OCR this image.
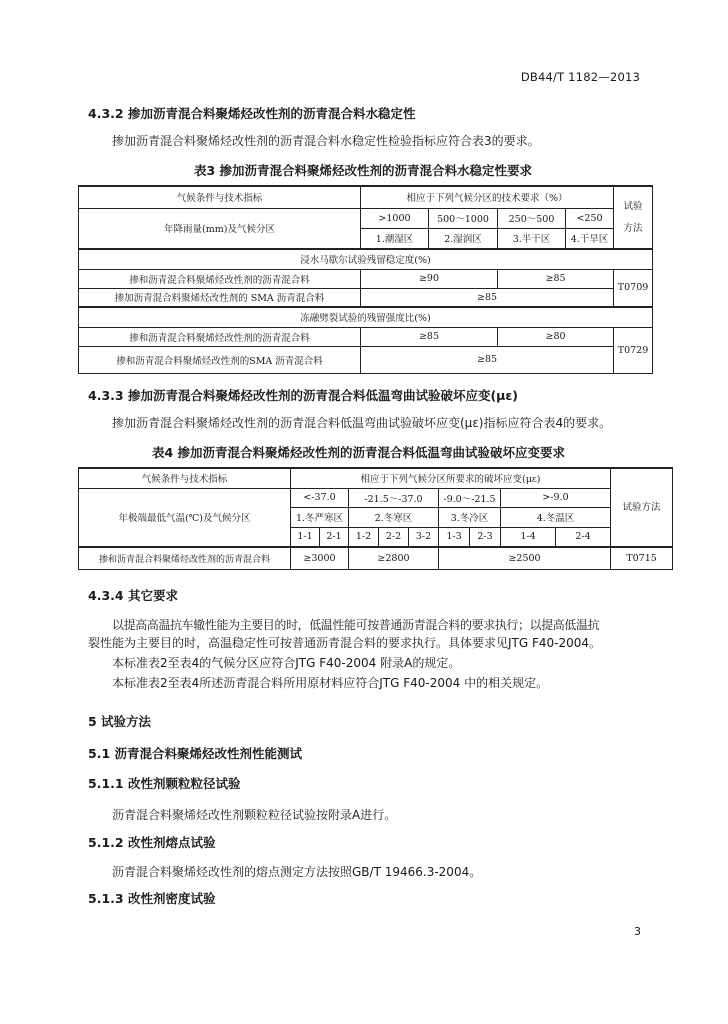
DB44/T 1182—2013
4.3.2 掺加沥青混合料聚烯烃改性剂的沥青混合料水稳定性
掺加沥青混合料聚烯烃改性剂的沥青混合料水稳定性检验指标应符合表3的要求。
表3 掺加沥青混合料聚烯烃改性剂的沥青混合料水稳定性要求
气候条件与技术指标	相应于下列气候分区的技术要求（%）				试验方法
年降雨量(mm)及气候分区	>1000	500～1000	250～500	<250	
	1.潮湿区	2.湿润区	3.半干区	4.干旱区	
浸水马歇尔试验残留稳定度(%)					
掺和沥青混合料聚烯烃改性剂的沥青混合料	≥90		≥85		T0709
掺加沥青混合料聚烯烃改性剂的 SMA 沥青混合料	≥85				
冻融劈裂试验的残留强度比(%)					
掺和沥青混合料聚烯烃改性剂的沥青混合料	≥85		≥80		T0729
掺和沥青混合料聚烯烃改性剂的SMA 沥青混合料	≥85				
4.3.3 掺加沥青混合料聚烯烃改性剂的沥青混合料低温弯曲试验破坏应变(με)
掺加沥青混合料聚烯烃改性剂的沥青混合料低温弯曲试验破坏应变(με)指标应符合表4的要求。
表4 掺加沥青混合料聚烯烃改性剂的沥青混合料低温弯曲试验破坏应变要求
气候条件与技术指标	相应于下列气候分区所要求的破坏应变(με)									试验方法
年极端最低气温(℃)及气候分区	<-37.0		-21.5～-37.0			-9.0～-21.5		>-9.0		
	1.冬严寒区		2.冬寒区			3.冬冷区		4.冬温区		
	1-1	2-1	1-2	2-2	3-2	1-3	2-3	1-4	2-4	
掺和沥青混合料聚烯烃改性剂的沥青混合料	≥3000		≥2800			≥2500				T0715
4.3.4 其它要求
以提高高温抗车辙性能为主要目的时，低温性能可按普通沥青混合料的要求执行；以提高低温抗
裂性能为主要目的时，高温稳定性可按普通沥青混合料的要求执行。具体要求见JTG F40-2004。
本标准表2至表4的气候分区应符合JTG F40-2004 附录A的规定。
本标准表2至表4所述沥青混合料所用原材料应符合JTG F40-2004 中的相关规定。
5 试验方法
5.1 沥青混合料聚烯烃改性剂性能测试
5.1.1 改性剂颗粒粒径试验
沥青混合料聚烯烃改性剂颗粒粒径试验按附录A进行。
5.1.2 改性剂熔点试验
沥青混合料聚烯烃改性剂的熔点测定方法按照GB/T 19466.3-2004。
5.1.3 改性剂密度试验
3
